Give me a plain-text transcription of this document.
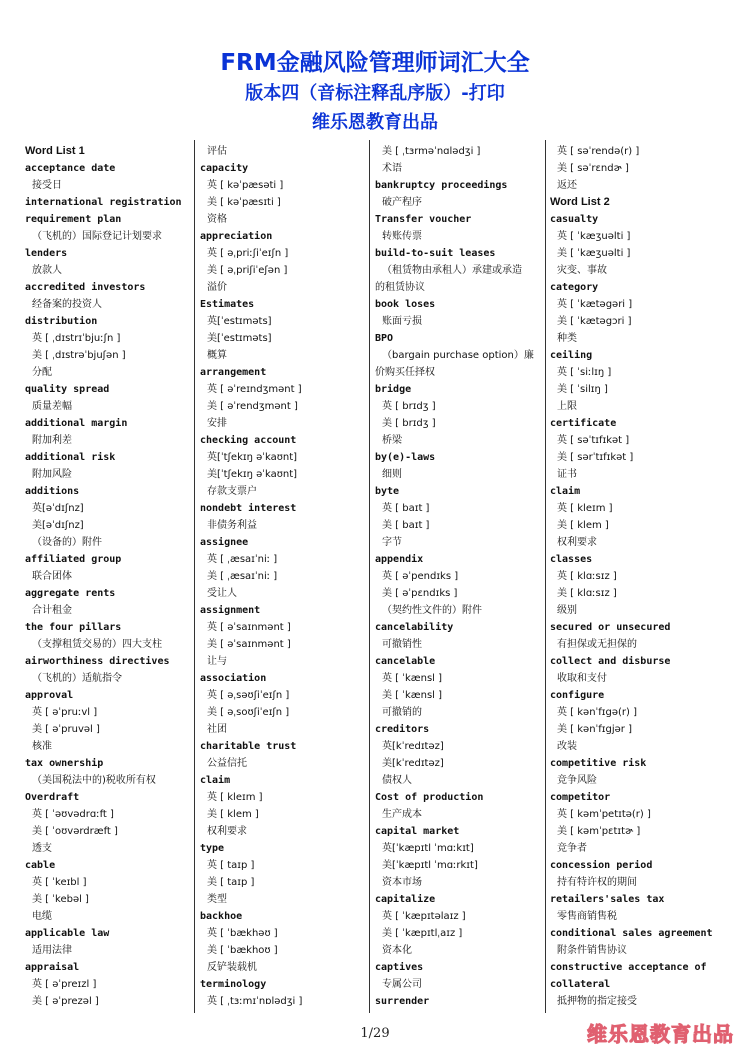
FRM金融风险管理师词汇大全
版本四（音标注释乱序版）-打印
维乐恩教育出品
Word List 1
acceptance date
接受日
international registration
requirement plan
（飞机的）国际登记计划要求
lenders
放款人
accredited investors
经备案的投资人
distribution
英 [ ˌdɪstrɪˈbjuːʃn ]
美 [ ˌdɪstrəˈbjuʃən ]
分配
quality spread
质量差幅
additional margin
附加利差
additional risk
附加风险
additions
英[əˈdɪʃnz]
美[əˈdɪʃnz]
（设备的）附件
affiliated group
联合团体
aggregate rents
合计租金
the four pillars
（支撑租赁交易的）四大支柱
airworthiness directives
（飞机的）适航指令
approval
英 [ əˈpruːvl ]
美 [ əˈpruvəl ]
核准
tax ownership
（美国税法中的)税收所有权
Overdraft
英 [ ˈəʊvədrɑːft ]
美 [ ˈoʊvərdræft ]
透支
cable
英 [ ˈkeɪbl ]
美 [ ˈkebəl ]
电缆
applicable law
适用法律
appraisal
英 [ əˈpreɪzl ]
美 [ əˈprezəl ]
评估
capacity
英 [ kəˈpæsəti ]
美 [ kəˈpæsɪti ]
资格
appreciation
英 [ əˌpriːʃiˈeɪʃn ]
美 [ əˌpriʃiˈeʃən ]
溢价
Estimates
英[ˈestɪməts]
美[ˈestɪməts]
概算
arrangement
英 [ əˈreɪndʒmənt ]
美 [ əˈrendʒmənt ]
安排
checking account
英[ˈtʃekɪŋ əˈkaʊnt]
美[ˈtʃekɪŋ əˈkaʊnt]
存款支票户
nondebt interest
非债务利益
assignee
英 [ ˌæsaɪˈniː ]
美 [ ˌæsaɪˈniː ]
受让人
assignment
英 [ əˈsaɪnmənt ]
美 [ əˈsaɪnmənt ]
让与
association
英 [ əˌsəʊʃiˈeɪʃn ]
美 [ əˌsoʊʃiˈeɪʃn ]
社团
charitable trust
公益信托
claim
英 [ kleɪm ]
美 [ klem ]
权利要求
type
英 [ taɪp ]
美 [ taɪp ]
类型
backhoe
英 [ ˈbækhəʊ ]
美 [ ˈbækhoʊ ]
反铲装载机
terminology
英 [ ˌtɜːmɪˈnɒlədʒi ]
美 [ ˌtɜrməˈnɑlədʒi ]
术语
bankruptcy proceedings
破产程序
Transfer voucher
转账传票
build-to-suit leases
（租赁物由承租人）承建或承造
的租赁协议
book loses
账面亏损
BPO
（bargain purchase option）廉
价购买任择权
bridge
英 [ brɪdʒ ]
美 [ brɪdʒ ]
桥梁
by(e)-laws
细则
byte
英 [ baɪt ]
美 [ baɪt ]
字节
appendix
英 [ əˈpendɪks ]
美 [ əˈpɛndɪks ]
（契约性文件的）附件
cancelability
可撤销性
cancelable
英 [ ˈkænsl ]
美 [ ˈkænsl ]
可撤销的
creditors
英[kˈredɪtəz]
美[kˈredɪtəz]
债权人
Cost of production
生产成本
capital market
英[ˈkæpɪtl ˈmɑːkɪt]
美[ˈkæpɪtl ˈmɑːrkɪt]
资本市场
capitalize
英 [ ˈkæpɪtəlaɪz ]
美 [ ˈkæpɪtlˌaɪz ]
资本化
captives
专属公司
surrender
英 [ səˈrendə(r) ]
美 [ səˈrɛndɚ ]
返还
Word List 2
casualty
英 [ ˈkæʒuəlti ]
美 [ ˈkæʒuəlti ]
灾变、事故
category
英 [ ˈkætəgəri ]
美 [ ˈkætəgɔri ]
种类
ceiling
英 [ ˈsiːlɪŋ ]
美 [ ˈsilɪŋ ]
上限
certificate
英 [ səˈtɪfɪkət ]
美 [ sərˈtɪfɪkət ]
证书
claim
英 [ kleɪm ]
美 [ klem ]
权利要求
classes
英 [ klɑːsɪz ]
美 [ klɑːsɪz ]
级别
secured or unsecured
有担保或无担保的
collect and disburse
收取和支付
configure
英 [ kənˈfɪgə(r) ]
美 [ kənˈfɪgjər ]
改装
competitive risk
竞争风险
competitor
英 [ kəmˈpetɪtə(r) ]
美 [ kəmˈpɛtɪtɚ ]
竞争者
concession period
持有特许权的期间
retailers'sales tax
零售商销售税
conditional sales agreement
附条件销售协议
constructive acceptance of
collateral
抵押物的指定接受
1/29	维乐恩教育出品
